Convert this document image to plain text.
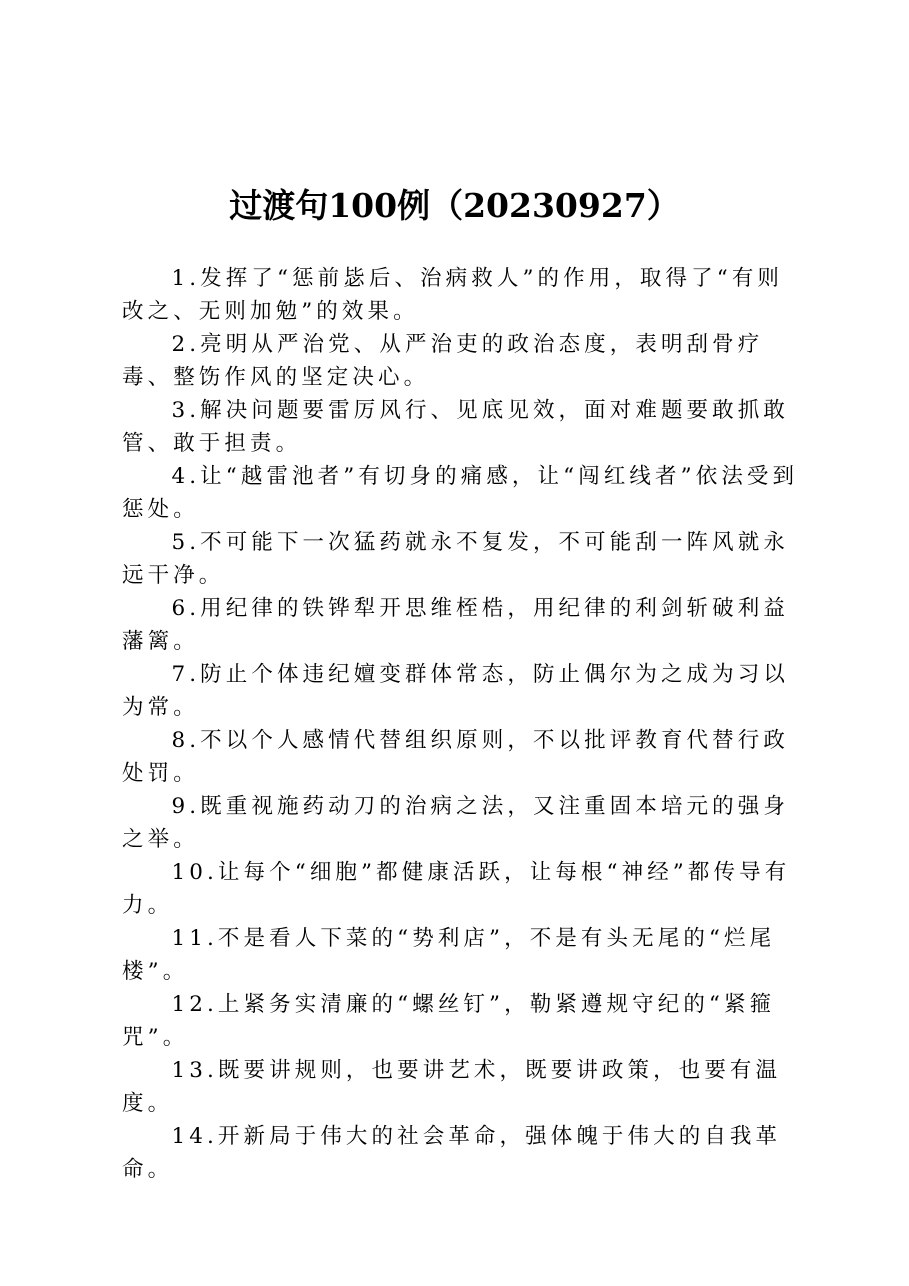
过渡句100例（20230927）

1.发挥了“惩前毖后、治病救人”的作用，取得了“有则改之、无则加勉”的效果。

2.亮明从严治党、从严治吏的政治态度，表明刮骨疗毒、整饬作风的坚定决心。

3.解决问题要雷厉风行、见底见效，面对难题要敢抓敢管、敢于担责。

4.让“越雷池者”有切身的痛感，让“闯红线者”依法受到惩处。

5.不可能下一次猛药就永不复发，不可能刮一阵风就永远干净。

6.用纪律的铁铧犁开思维桎梏，用纪律的利剑斩破利益藩篱。

7.防止个体违纪嬗变群体常态，防止偶尔为之成为习以为常。

8.不以个人感情代替组织原则，不以批评教育代替行政处罚。

9.既重视施药动刀的治病之法，又注重固本培元的强身之举。

10.让每个“细胞”都健康活跃，让每根“神经”都传导有力。

11.不是看人下菜的“势利店”，不是有头无尾的“烂尾楼”。

12.上紧务实清廉的“螺丝钉”，勒紧遵规守纪的“紧箍咒”。

13.既要讲规则，也要讲艺术，既要讲政策，也要有温度。

14.开新局于伟大的社会革命，强体魄于伟大的自我革命。
